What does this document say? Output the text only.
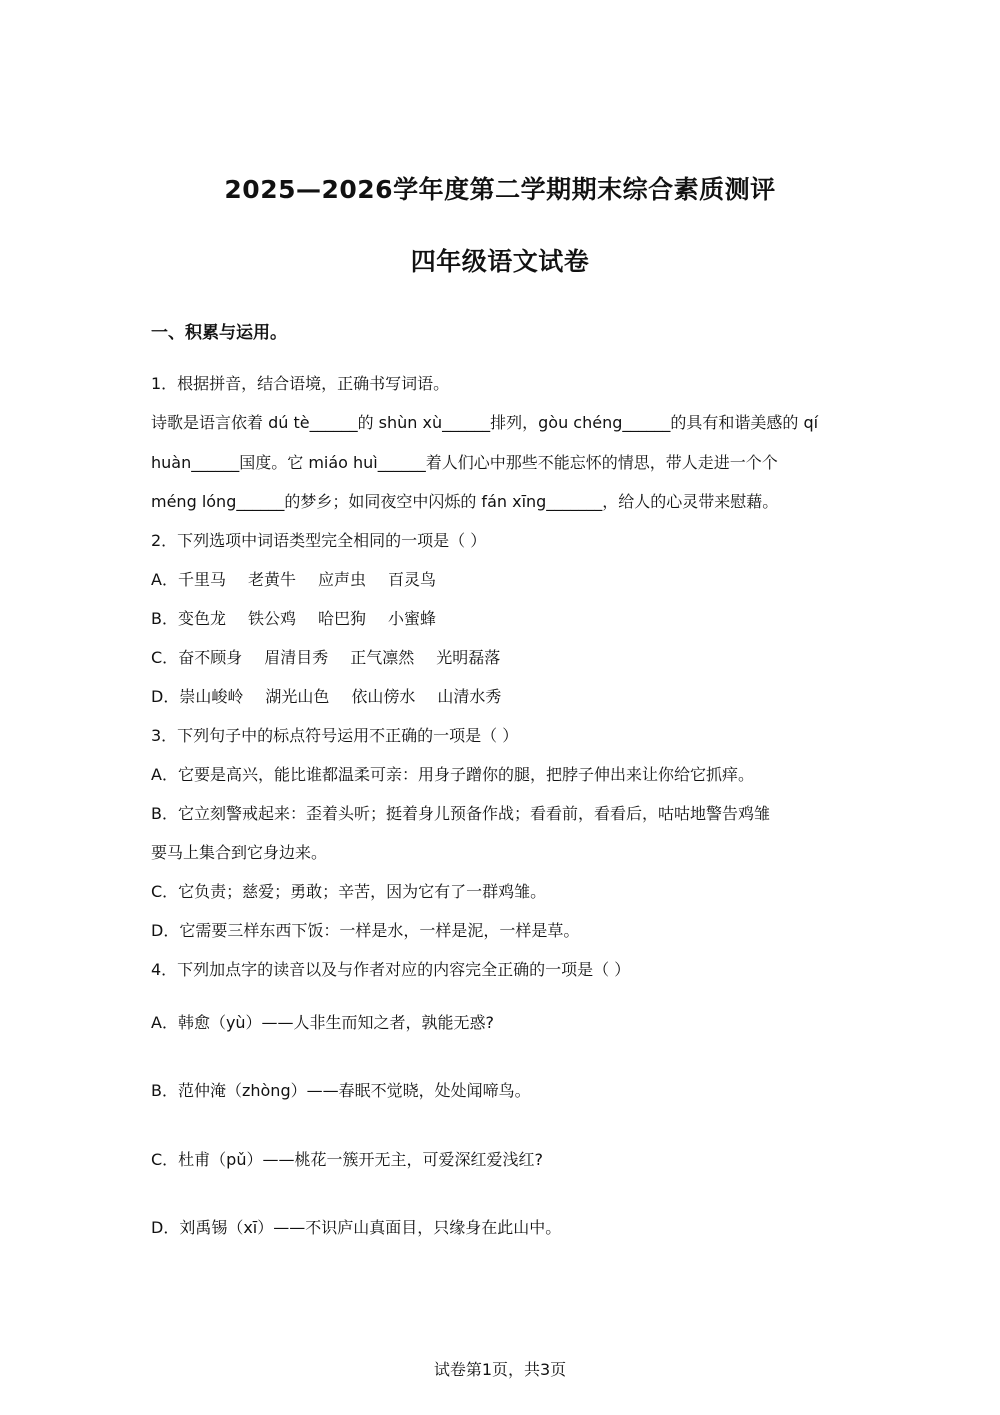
2025—2026学年度第二学期期末综合素质测评
四年级语文试卷
一、积累与运用。
1．根据拼音，结合语境，正确书写词语。
诗歌是语言依着 dú tè______的 shùn xù______排列，gòu chéng______的具有和谐美感的 qí
huàn______国度。它 miáo huì______着人们心中那些不能忘怀的情思，带人走进一个个
méng lóng______的梦乡；如同夜空中闪烁的 fán xīng_______，给人的心灵带来慰藉。
2．下列选项中词语类型完全相同的一项是（ ）
A．千里马 老黄牛 应声虫 百灵鸟
B．变色龙 铁公鸡 哈巴狗 小蜜蜂
C．奋不顾身 眉清目秀 正气凛然 光明磊落
D．崇山峻岭 湖光山色 依山傍水 山清水秀
3．下列句子中的标点符号运用不正确的一项是（ ）
A．它要是高兴，能比谁都温柔可亲：用身子蹭你的腿，把脖子伸出来让你给它抓痒。
B．它立刻警戒起来：歪着头听；挺着身儿预备作战；看看前，看看后，咕咕地警告鸡雏
要马上集合到它身边来。
C．它负责；慈爱；勇敢；辛苦，因为它有了一群鸡雏。
D．它需要三样东西下饭：一样是水，一样是泥，一样是草。
4．下列加点字的读音以及与作者对应的内容完全正确的一项是（ ）
A．韩愈（yù）——人非生而知之者，孰能无惑?
B．范仲淹（zhòng）——春眠不觉晓，处处闻啼鸟。
C．杜甫（pǔ）——桃花一簇开无主，可爱深红爱浅红?
D．刘禹锡（xī）——不识庐山真面目，只缘身在此山中。
试卷第1页，共3页
